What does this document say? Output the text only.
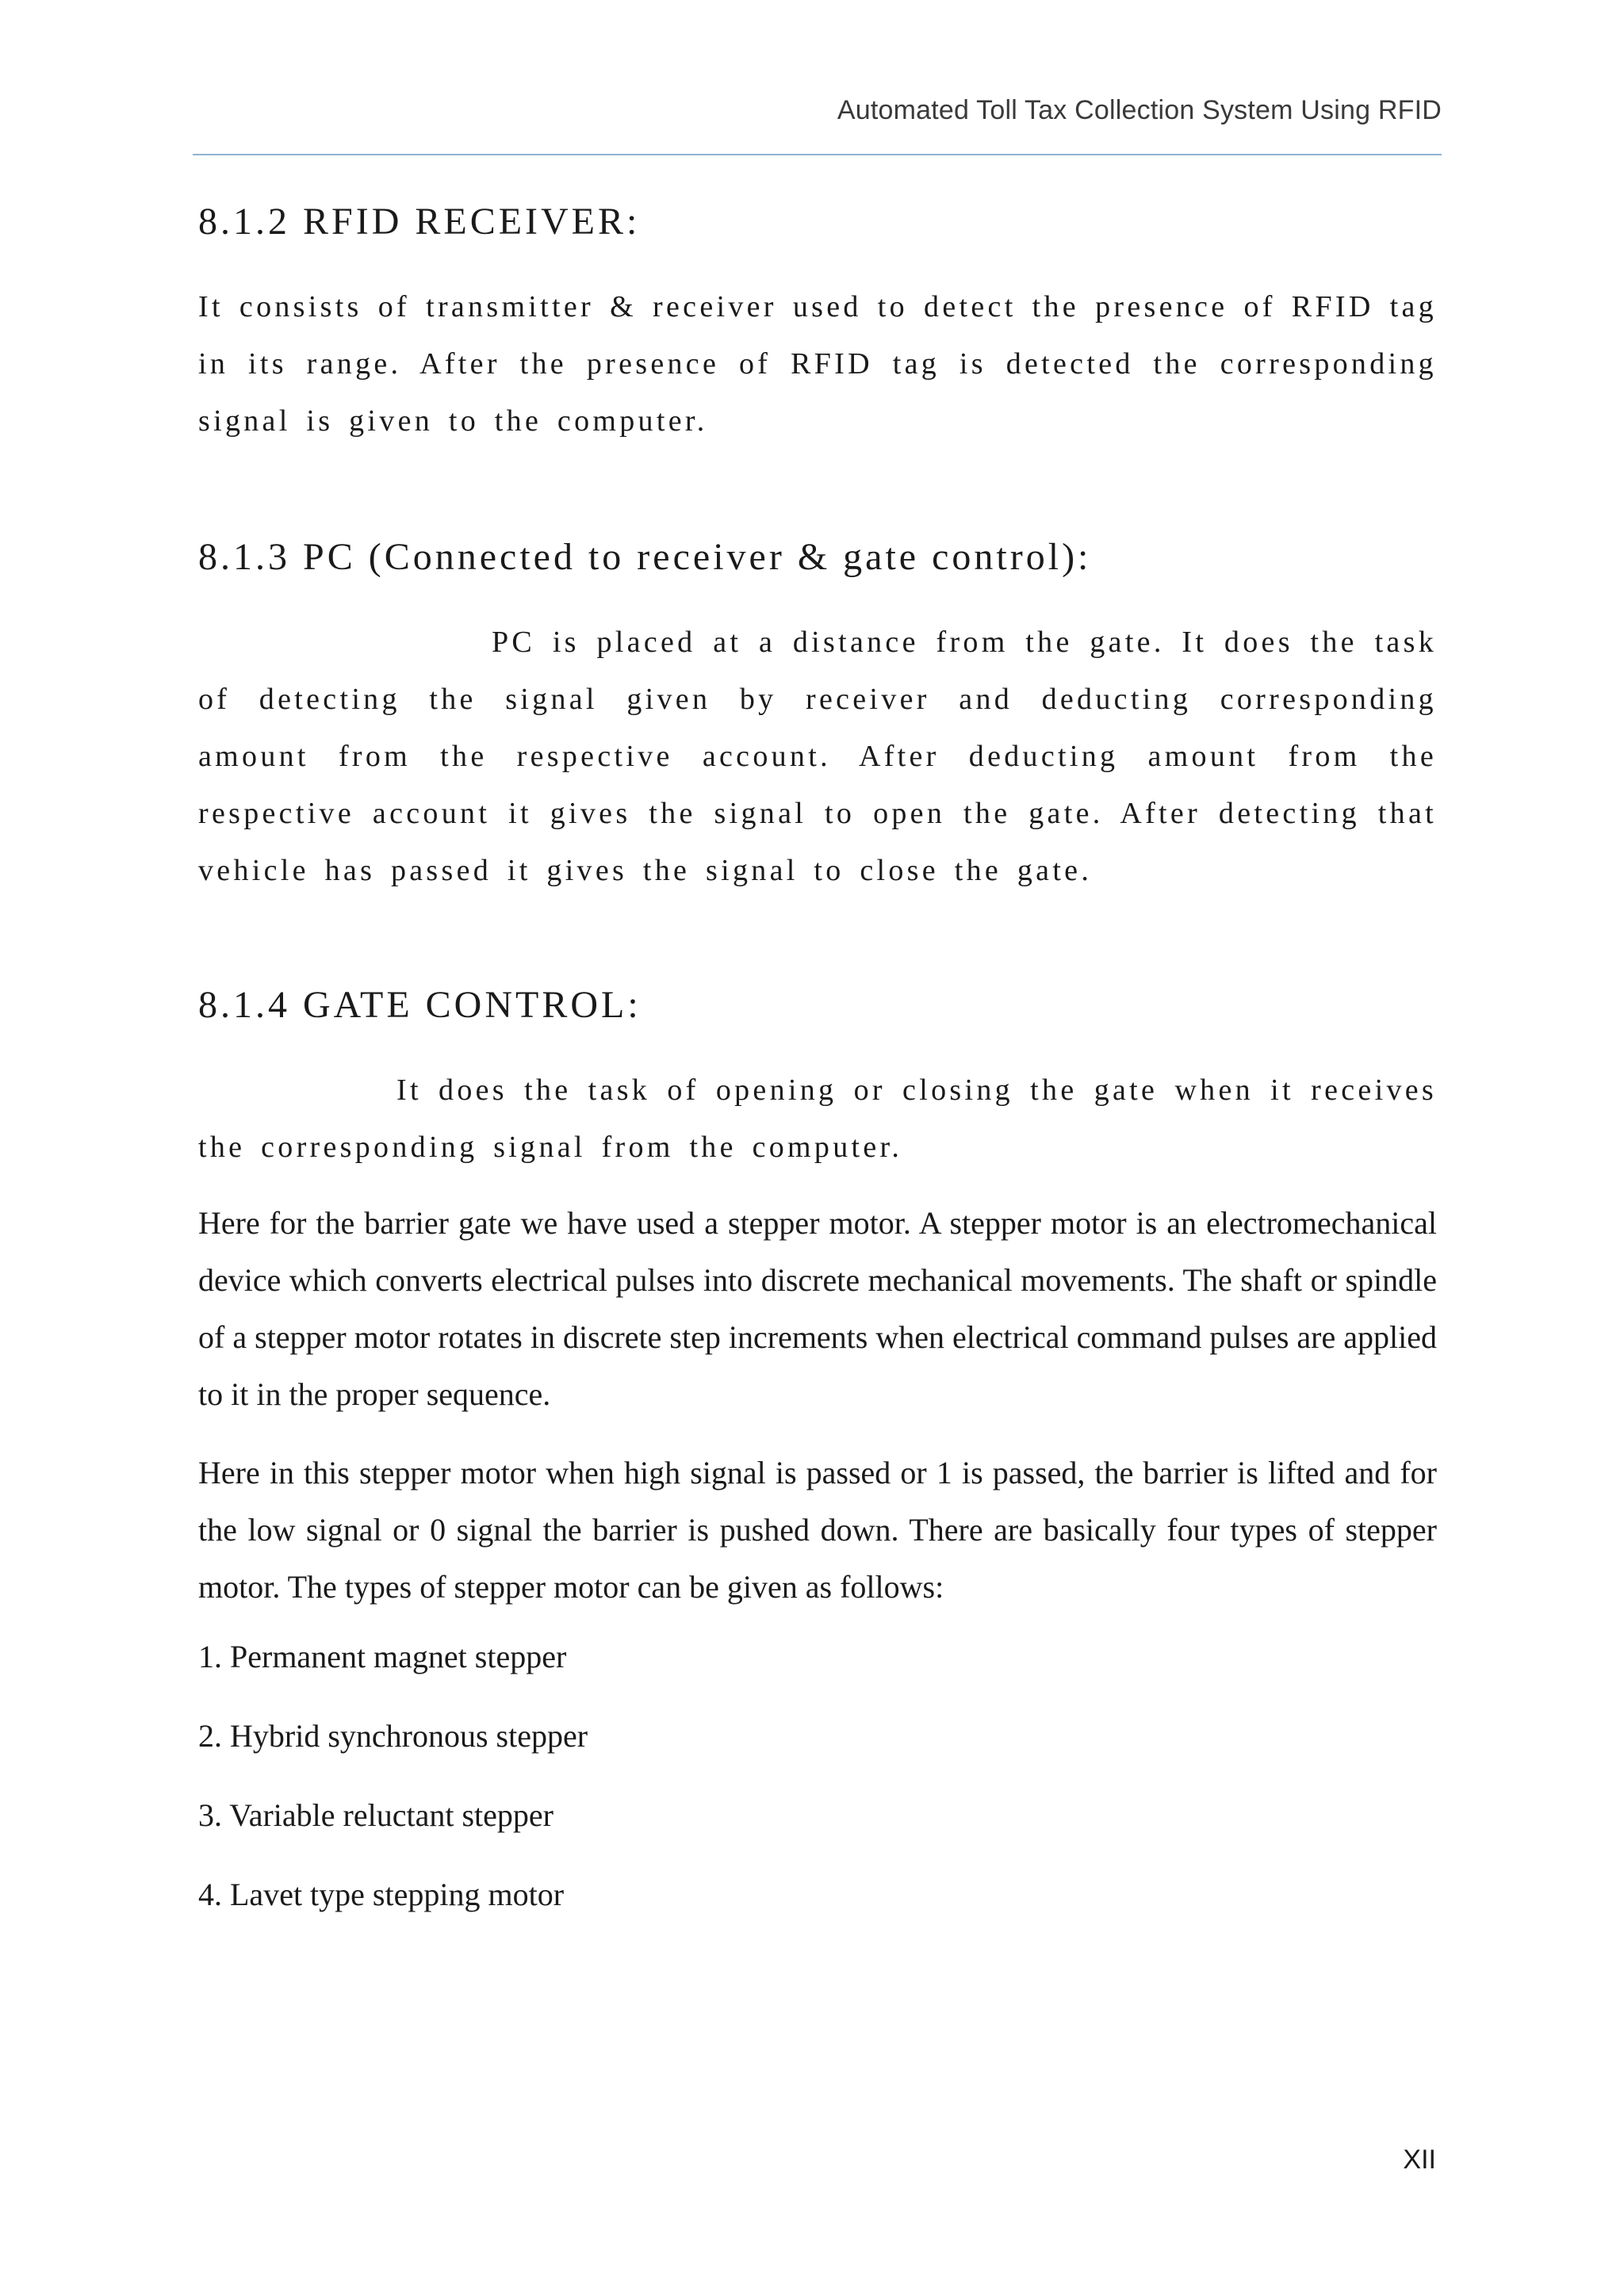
Automated Toll Tax Collection System Using RFID
8.1.2 RFID RECEIVER:

It consists of transmitter & receiver used to detect the presence of RFID tag in its range. After the presence of RFID tag is detected the corresponding signal is given to the computer.

8.1.3 PC (Connected to receiver & gate control):

PC is placed at a distance from the gate. It does the task of detecting the signal given by receiver and deducting corresponding amount from the respective account. After deducting amount from the respective account it gives the signal to open the gate. After detecting that vehicle has passed it gives the signal to close the gate.

8.1.4 GATE CONTROL:

It does the task of opening or closing the gate when it receives the corresponding signal from the computer.

Here for the barrier gate we have used a stepper motor. A stepper motor is an electromechanical device which converts electrical pulses into discrete mechanical movements. The shaft or spindle of a stepper motor rotates in discrete step increments when electrical command pulses are applied to it in the proper sequence.

Here in this stepper motor when high signal is passed or 1 is passed, the barrier is lifted and for the low signal or 0 signal the barrier is pushed down. There are basically four types of stepper motor. The types of stepper motor can be given as follows:

1. Permanent magnet stepper

2. Hybrid synchronous stepper

3. Variable reluctant stepper

4. Lavet type stepping motor

XII
